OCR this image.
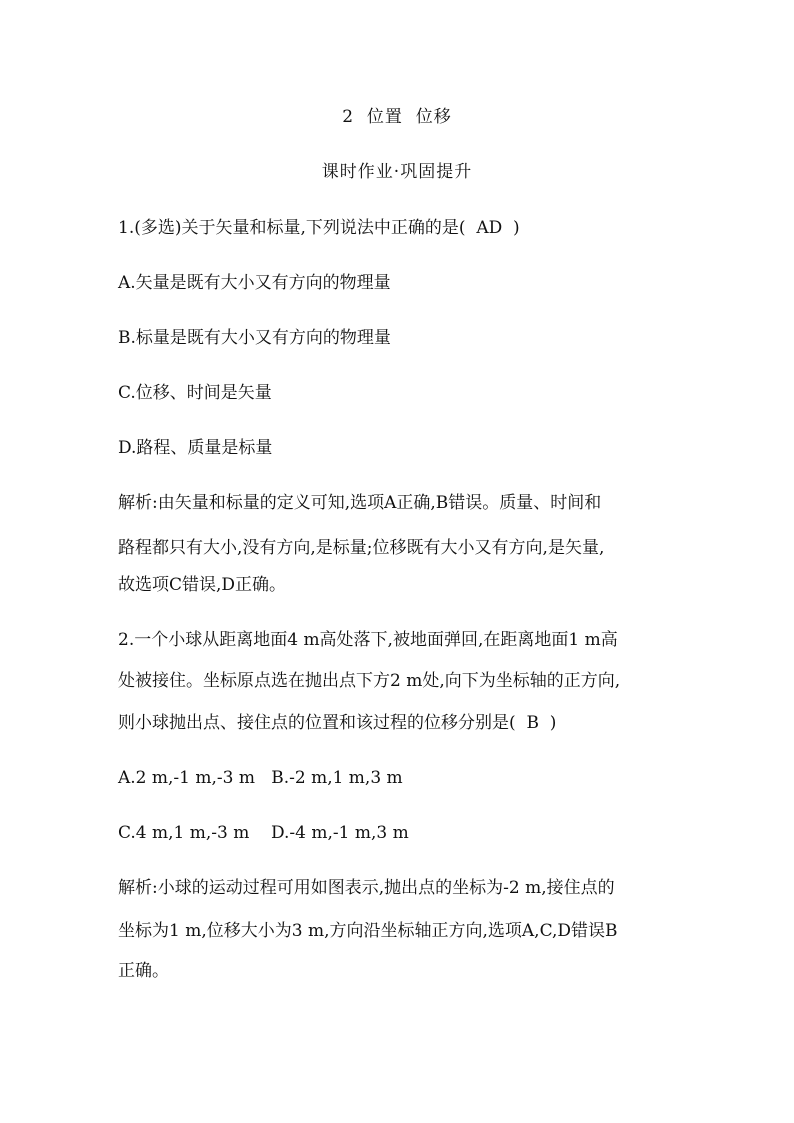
2  位置  位移
课时作业·巩固提升
1.(多选)关于矢量和标量,下列说法中正确的是(  AD  )
A.矢量是既有大小又有方向的物理量
B.标量是既有大小又有方向的物理量
C.位移、时间是矢量
D.路程、质量是标量
解析:由矢量和标量的定义可知,选项A正确,B错误。质量、时间和
路程都只有大小,没有方向,是标量;位移既有大小又有方向,是矢量,
故选项C错误,D正确。
2.一个小球从距离地面4 m高处落下,被地面弹回,在距离地面1 m高
处被接住。坐标原点选在抛出点下方2 m处,向下为坐标轴的正方向,
则小球抛出点、接住点的位置和该过程的位移分别是(  B  )
A.2 m,-1 m,-3 m   B.-2 m,1 m,3 m
C.4 m,1 m,-3 m    D.-4 m,-1 m,3 m
解析:小球的运动过程可用如图表示,抛出点的坐标为-2 m,接住点的
坐标为1 m,位移大小为3 m,方向沿坐标轴正方向,选项A,C,D错误B
正确。
